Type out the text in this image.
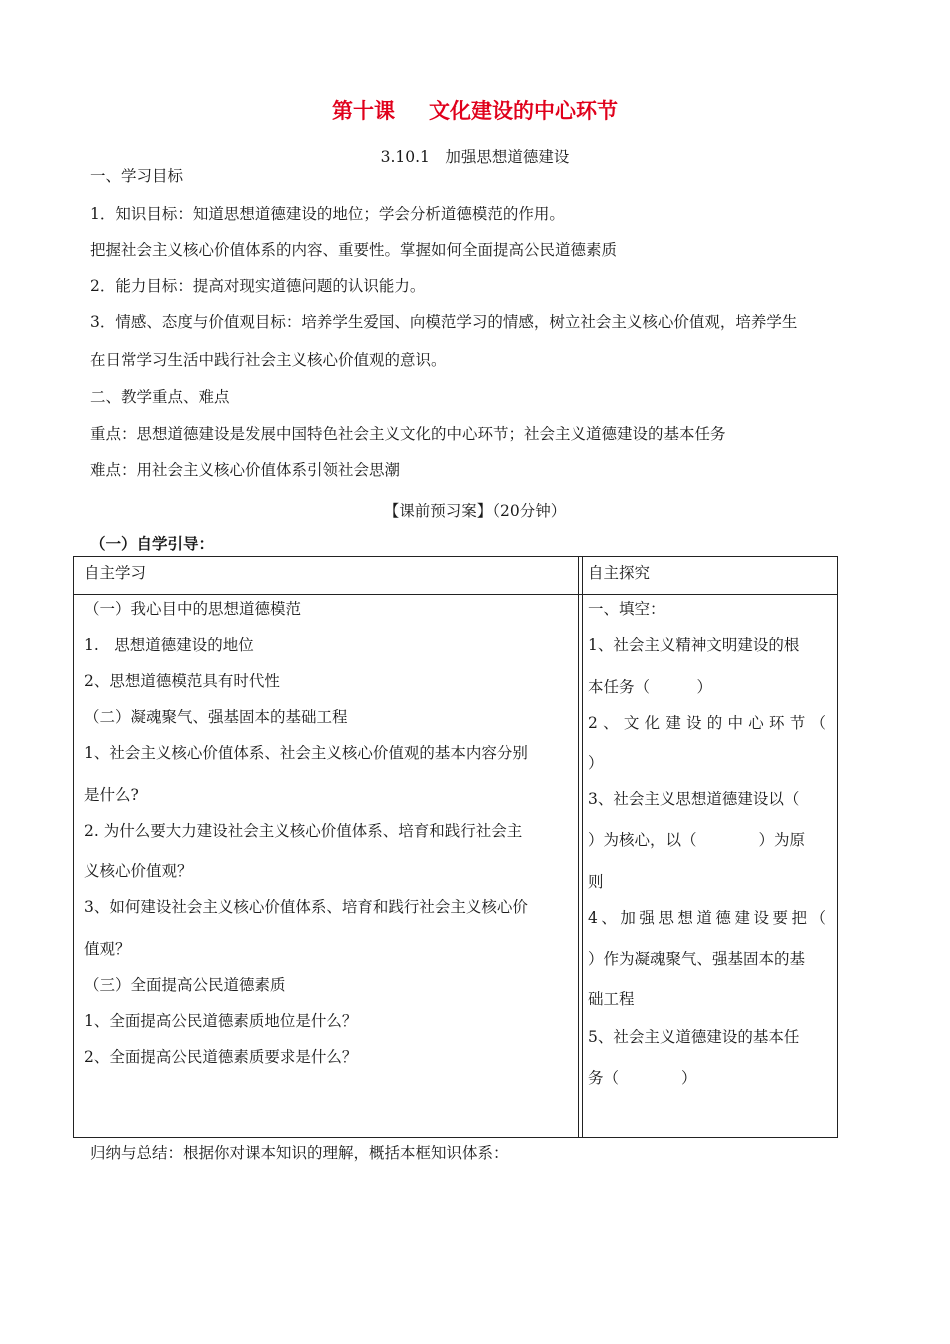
第十课 文化建设的中心环节
3.10.1　加强思想道德建设
一、学习目标
1．知识目标：知道思想道德建设的地位；学会分析道德模范的作用。
把握社会主义核心价值体系的内容、重要性。掌握如何全面提高公民道德素质
2．能力目标：提高对现实道德问题的认识能力。
3．情感、态度与价值观目标：培养学生爱国、向模范学习的情感，树立社会主义核心价值观，培养学生
在日常学习生活中践行社会主义核心价值观的意识。
二、教学重点、难点
重点：思想道德建设是发展中国特色社会主义文化的中心环节；社会主义道德建设的基本任务
难点：用社会主义核心价值体系引领社会思潮
【课前预习案】（20分钟）
（一）自学引导：
自主学习	自主探究
（一）我心目中的思想道德模范
1.　思想道德建设的地位
2、思想道德模范具有时代性
（二）凝魂聚气、强基固本的基础工程
1、社会主义核心价值体系、社会主义核心价值观的基本内容分别
是什么?
2. 为什么要大力建设社会主义核心价值体系、培育和践行社会主
义核心价值观？
3、如何建设社会主义核心价值体系、培育和践行社会主义核心价
值观？
（三）全面提高公民道德素质
1、全面提高公民道德素质地位是什么？
2、全面提高公民道德素质要求是什么？
一、填空：
1、社会主义精神文明建设的根
本任务（　　　）
2、文化建设的中心环节（
）
3、社会主义思想道德建设以（
）为核心，以（　　　　）为原
则
4、加强思想道德建设要把（
）作为凝魂聚气、强基固本的基
础工程
5、社会主义道德建设的基本任
务（　　　　）
归纳与总结：根据你对课本知识的理解，概括本框知识体系：
